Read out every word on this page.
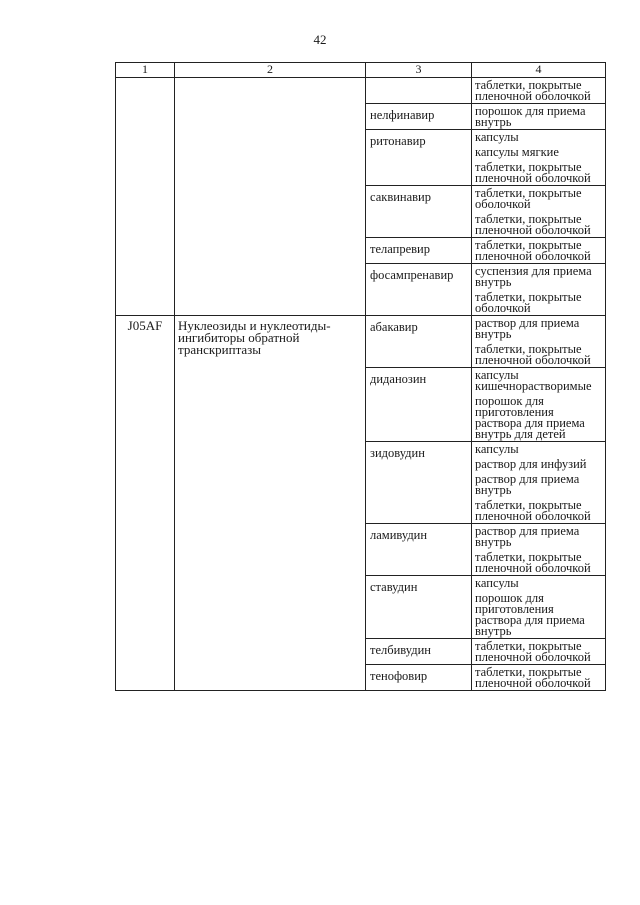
42
1	2	3	4

			таблетки, покрытые пленочной оболочкой

		нелфинавир	порошок для приема внутрь

		ритонавир	капсулы
капсулы мягкие
таблетки, покрытые пленочной оболочкой

		саквинавир	таблетки, покрытые оболочкой
таблетки, покрытые пленочной оболочкой

		телапревир	таблетки, покрытые пленочной оболочкой

		фосампренавир	суспензия для приема внутрь
таблетки, покрытые оболочкой

J05AF	Нуклеозиды и нуклеотиды-ингибиторы обратной транскриптазы	абакавир	раствор для приема внутрь
таблетки, покрытые пленочной оболочкой

		диданозин	капсулы кишечнорастворимые
порошок для приготовления раствора для приема внутрь для детей

		зидовудин	капсулы
раствор для инфузий
раствор для приема внутрь
таблетки, покрытые пленочной оболочкой

		ламивудин	раствор для приема внутрь
таблетки, покрытые пленочной оболочкой

		ставудин	капсулы
порошок для приготовления раствора для приема внутрь

		телбивудин	таблетки, покрытые пленочной оболочкой

		тенофовир	таблетки, покрытые пленочной оболочкой
